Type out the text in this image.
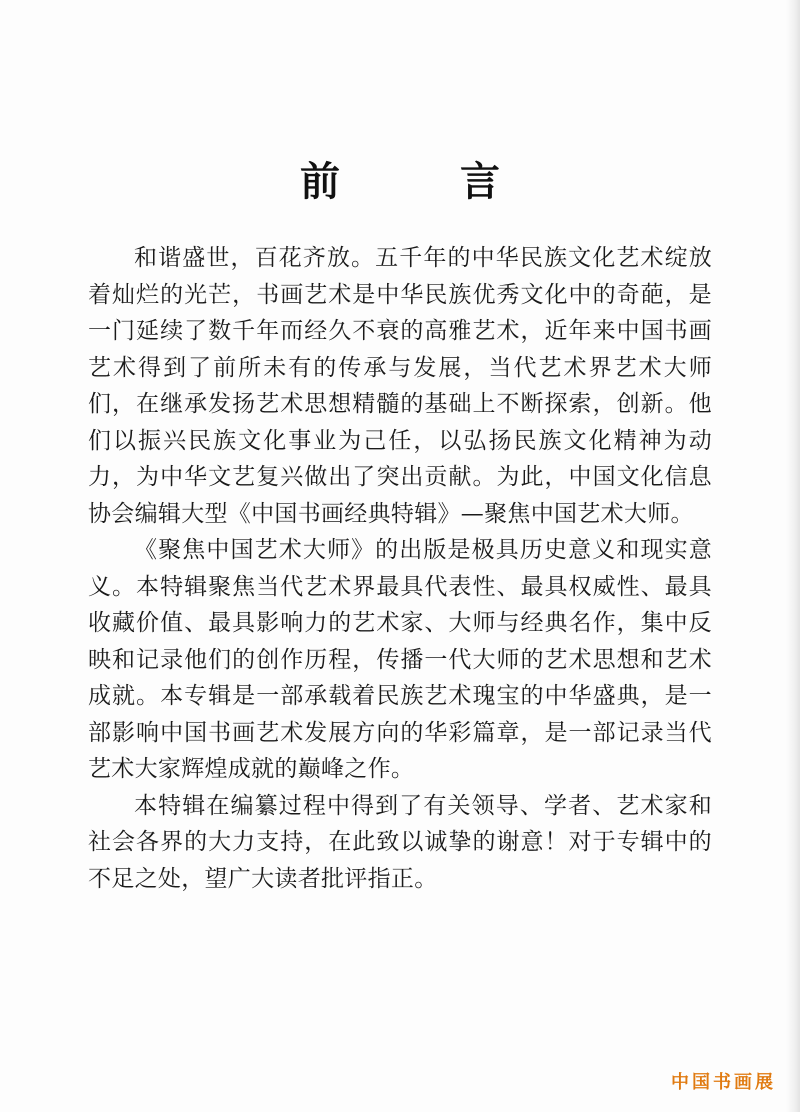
前　言

和谐盛世，百花齐放。五千年的中华民族文化艺术绽放着灿烂的光芒，书画艺术是中华民族优秀文化中的奇葩，是一门延续了数千年而经久不衰的高雅艺术，近年来中国书画艺术得到了前所未有的传承与发展，当代艺术界艺术大师们，在继承发扬艺术思想精髓的基础上不断探索，创新。他们以振兴民族文化事业为己任，以弘扬民族文化精神为动力，为中华文艺复兴做出了突出贡献。为此，中国文化信息协会编辑大型《中国书画经典特辑》—聚焦中国艺术大师。

《聚焦中国艺术大师》的出版是极具历史意义和现实意义。本特辑聚焦当代艺术界最具代表性、最具权威性、最具收藏价值、最具影响力的艺术家、大师与经典名作，集中反映和记录他们的创作历程，传播一代大师的艺术思想和艺术成就。本专辑是一部承载着民族艺术瑰宝的中华盛典，是一部影响中国书画艺术发展方向的华彩篇章，是一部记录当代艺术大家辉煌成就的巅峰之作。

本特辑在编纂过程中得到了有关领导、学者、艺术家和社会各界的大力支持，在此致以诚挚的谢意！对于专辑中的不足之处，望广大读者批评指正。

中国书画展
